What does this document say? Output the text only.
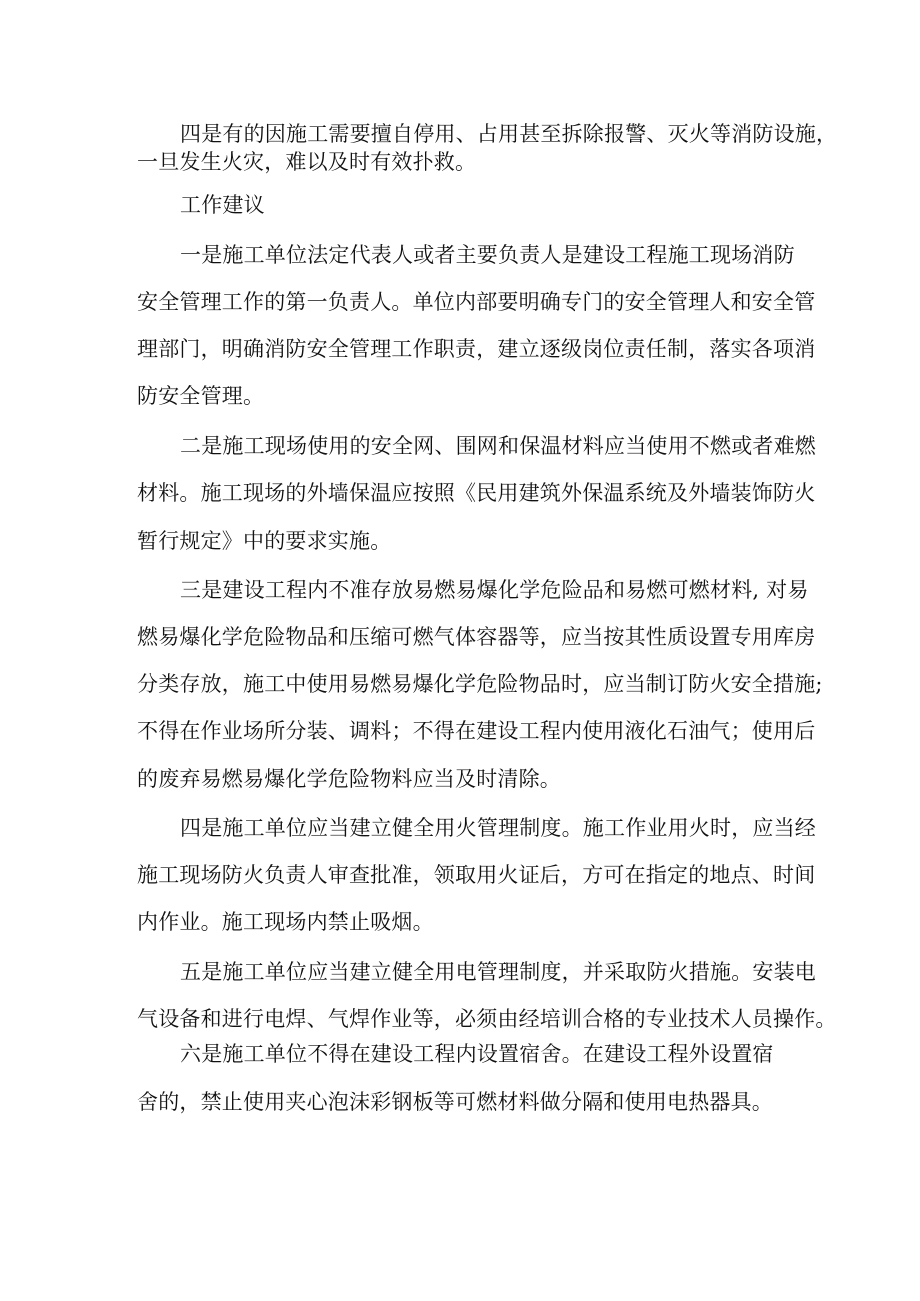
四是有的因施工需要擅自停用、占用甚至拆除报警、灭火等消防设施，
一旦发生火灾，难以及时有效扑救。
工作建议
一是施工单位法定代表人或者主要负责人是建设工程施工现场消防
安全管理工作的第一负责人。单位内部要明确专门的安全管理人和安全管
理部门，明确消防安全管理工作职责，建立逐级岗位责任制，落实各项消
防安全管理。
二是施工现场使用的安全网、围网和保温材料应当使用不燃或者难燃
材料。施工现场的外墙保温应按照《民用建筑外保温系统及外墙装饰防火
暂行规定》中的要求实施。
三是建设工程内不准存放易燃易爆化学危险品和易燃可燃材料, 对易
燃易爆化学危险物品和压缩可燃气体容器等，应当按其性质设置专用库房
分类存放，施工中使用易燃易爆化学危险物品时，应当制订防火安全措施;
不得在作业场所分装、调料；不得在建设工程内使用液化石油气；使用后
的废弃易燃易爆化学危险物料应当及时清除。
四是施工单位应当建立健全用火管理制度。施工作业用火时，应当经
施工现场防火负责人审查批准，领取用火证后，方可在指定的地点、时间
内作业。施工现场内禁止吸烟。
五是施工单位应当建立健全用电管理制度，并采取防火措施。安装电
气设备和进行电焊、气焊作业等，必须由经培训合格的专业技术人员操作。
六是施工单位不得在建设工程内设置宿舍。在建设工程外设置宿
舍的，禁止使用夹心泡沫彩钢板等可燃材料做分隔和使用电热器具。
